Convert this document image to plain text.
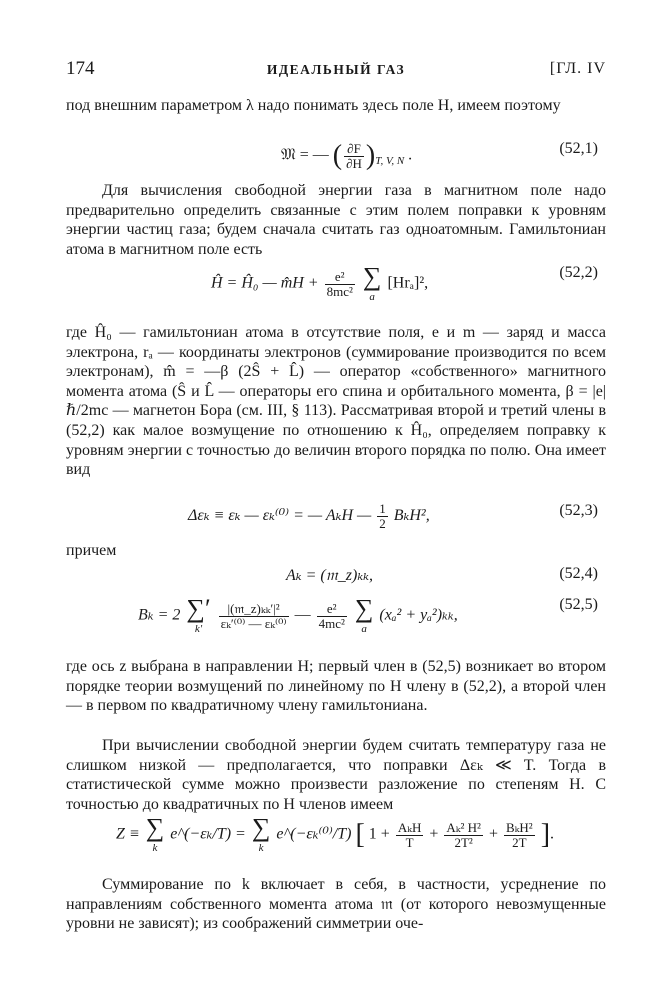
174	ИДЕАЛЬНЫЙ ГАЗ	[ГЛ. IV

под внешним параметром λ надо понимать здесь поле H, имеем поэтому

𝔐 = — ( $\frac{\partial F}{\partial H} )_{T, V, N}$ .	(52,1)

Для вычисления свободной энергии газа в магнитном поле надо предварительно определить связанные с этим полем поправки к уровням энергии частиц газа; будем сначала считать газ одноатомным. Гамильтониан атома в магнитном поле есть

Ĥ = Ĥ₀ — m̂H + $\frac{\text{e²}}{\text{8mc²}}$
∑
a
[Hrₐ]²,
(52,2)

где Ĥ₀ — гамильтониан атома в отсутствие поля, e и m — заряд и масса электрона, rₐ — координаты электронов (суммирование производится по всем электронам), m̂ = —β (2Ŝ + L̂) — оператор «собственного» магнитного момента атома (Ŝ и L̂ — операторы его спина и орбитального момента, β = |e|ℏ/2mc — магнетон Бора (см. III, § 113). Рассматривая второй и третий члены в (52,2) как малое возмущение по отношению к Ĥ₀, определяем поправку к уровням энергии с точностью до величин второго порядка по полю. Она имеет вид

Δεₖ ≡ εₖ — εₖ⁽⁰⁾ = — AₖH — $\frac{1}{2} B_kH^2$,	(52,3)
причем
Aₖ = (𝔪_z)ₖₖ,	(52,4)
Bₖ = 2 ∑′
k′
	$\frac{\text{|(𝔪\_z)ₖₖ′|²}}{\text{εₖ′⁽⁰⁾ — εₖ⁽⁰⁾}}$ — $\frac{\text{e²}}{\text{4mc²}}$
∑
a
(xₐ² + yₐ²)ₖₖ,
(52,5)

где ось z выбрана в направлении H; первый член в (52,5) возникает во втором порядке теории возмущений по линейному по H члену в (52,2), а второй член — в первом по квадратичному члену гамильтониана.

При вычислении свободной энергии будем считать температуру газа не слишком низкой — предполагается, что поправки Δεₖ ≪ T. Тогда в статистической сумме можно произвести разложение по степеням H. С точностью до квадратичных по H членов имеем

Z ≡ ∑
k
e^(−εₖ/T) = ∑
k
e^(−εₖ⁽⁰⁾/T) [ $1 + \frac{\text{AₖH}}{T} + \frac{\text{Aₖ² H²}}{\text{2T²}} + \frac{\text{BₖH²}}{2T}$ ].

Суммирование по k включает в себя, в частности, усреднение по направлениям собственного момента атома 𝔪 (от которого невозмущенные уровни не зависят); из соображений симметрии оче-
